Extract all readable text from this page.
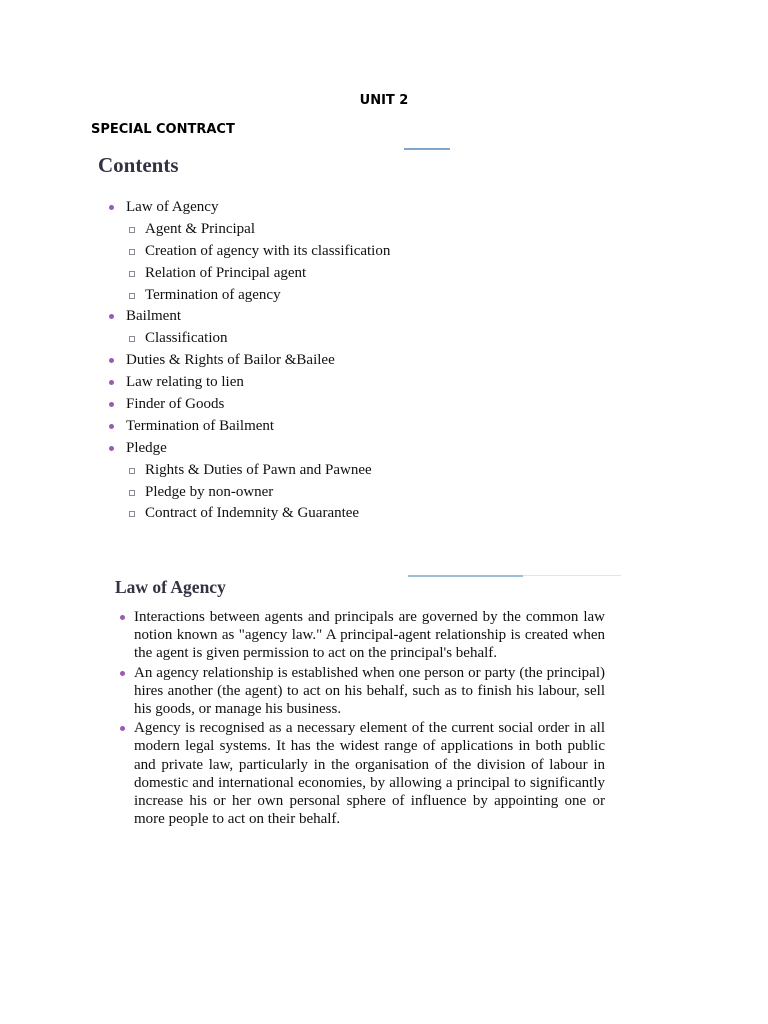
UNIT 2
SPECIAL CONTRACT
Contents
Law of Agency
Agent & Principal
Creation of agency with its classification
Relation of Principal agent
Termination of agency
Bailment
Classification
Duties & Rights of Bailor &Bailee
Law relating to lien
Finder of Goods
Termination of Bailment
Pledge
Rights & Duties of Pawn and Pawnee
Pledge by non-owner
Contract of Indemnity & Guarantee
Law of Agency
Interactions between agents and principals are governed by the common law notion known as "agency law." A principal-agent relationship is created when the agent is given permission to act on the principal's behalf.
An agency relationship is established when one person or party (the principal) hires another (the agent) to act on his behalf, such as to finish his labour, sell his goods, or manage his business.
Agency is recognised as a necessary element of the current social order in all modern legal systems. It has the widest range of applications in both public and private law, particularly in the organisation of the division of labour in domestic and international economies, by allowing a principal to significantly increase his or her own personal sphere of influence by appointing one or more people to act on their behalf.
